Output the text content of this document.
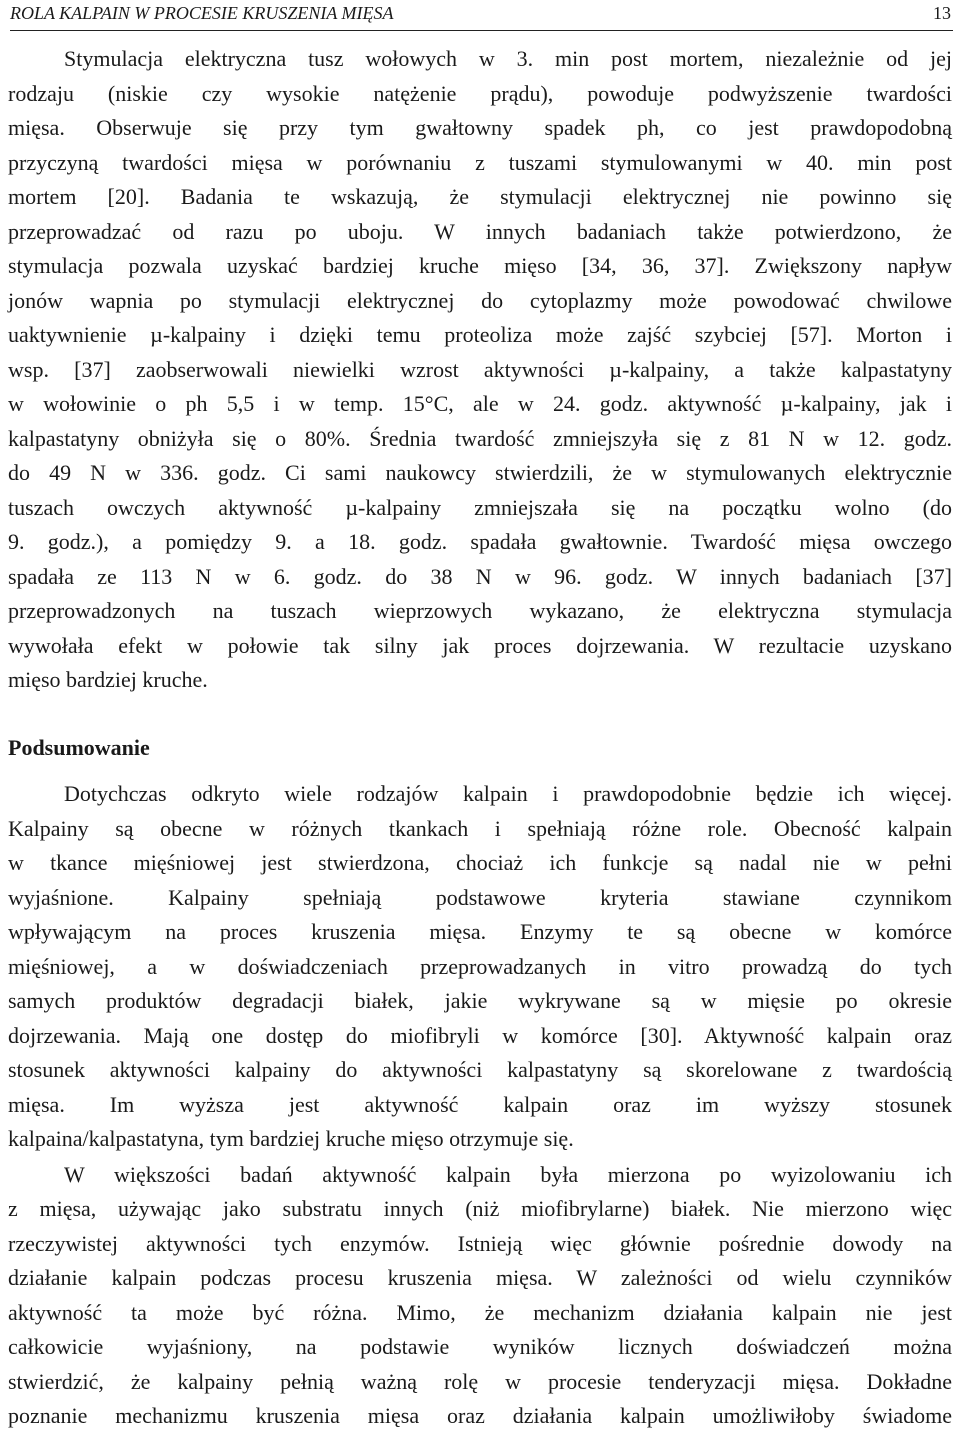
ROLA KALPAIN W PROCESIE KRUSZENIA MIĘSA	13
Stymulacja elektryczna tusz wołowych w 3. min post mortem, niezależnie od jej
rodzaju (niskie czy wysokie natężenie prądu), powoduje podwyższenie twardości
mięsa. Obserwuje się przy tym gwałtowny spadek ph, co jest prawdopodobną
przyczyną twardości mięsa w porównaniu z tuszami stymulowanymi w 40. min post
mortem [20]. Badania te wskazują, że stymulacji elektrycznej nie powinno się
przeprowadzać od razu po uboju. W innych badaniach także potwierdzono, że
stymulacja pozwala uzyskać bardziej kruche mięso [34, 36, 37]. Zwiększony napływ
jonów wapnia po stymulacji elektrycznej do cytoplazmy może powodować chwilowe
uaktywnienie µ-kalpainy i dzięki temu proteoliza może zajść szybciej [57]. Morton i
wsp. [37] zaobserwowali niewielki wzrost aktywności µ-kalpainy, a także kalpastatyny
w wołowinie o ph 5,5 i w temp. 15°C, ale w 24. godz. aktywność µ-kalpainy, jak i
kalpastatyny obniżyła się o 80%. Średnia twardość zmniejszyła się z 81 N w 12. godz.
do 49 N w 336. godz. Ci sami naukowcy stwierdzili, że w stymulowanych elektrycznie
tuszach owczych aktywność µ-kalpainy zmniejszała się na początku wolno (do
9. godz.), a pomiędzy 9. a 18. godz. spadała gwałtownie. Twardość mięsa owczego
spadała ze 113 N w 6. godz. do 38 N w 96. godz. W innych badaniach [37]
przeprowadzonych na tuszach wieprzowych wykazano, że elektryczna stymulacja
wywołała efekt w połowie tak silny jak proces dojrzewania. W rezultacie uzyskano
mięso bardziej kruche.
Podsumowanie
Dotychczas odkryto wiele rodzajów kalpain i prawdopodobnie będzie ich więcej.
Kalpainy są obecne w różnych tkankach i spełniają różne role. Obecność kalpain
w tkance mięśniowej jest stwierdzona, chociaż ich funkcje są nadal nie w pełni
wyjaśnione. Kalpainy spełniają podstawowe kryteria stawiane czynnikom
wpływającym na proces kruszenia mięsa. Enzymy te są obecne w komórce
mięśniowej, a w doświadczeniach przeprowadzanych in vitro prowadzą do tych
samych produktów degradacji białek, jakie wykrywane są w mięsie po okresie
dojrzewania. Mają one dostęp do miofibryli w komórce [30]. Aktywność kalpain oraz
stosunek aktywności kalpainy do aktywności kalpastatyny są skorelowane z twardością
mięsa. Im wyższa jest aktywność kalpain oraz im wyższy stosunek
kalpaina/kalpastatyna, tym bardziej kruche mięso otrzymuje się.
W większości badań aktywność kalpain była mierzona po wyizolowaniu ich
z mięsa, używając jako substratu innych (niż miofibrylarne) białek. Nie mierzono więc
rzeczywistej aktywności tych enzymów. Istnieją więc głównie pośrednie dowody na
działanie kalpain podczas procesu kruszenia mięsa. W zależności od wielu czynników
aktywność ta może być różna. Mimo, że mechanizm działania kalpain nie jest
całkowicie wyjaśniony, na podstawie wyników licznych doświadczeń można
stwierdzić, że kalpainy pełnią ważną rolę w procesie tenderyzacji mięsa. Dokładne
poznanie mechanizmu kruszenia mięsa oraz działania kalpain umożliwiłoby świadome
